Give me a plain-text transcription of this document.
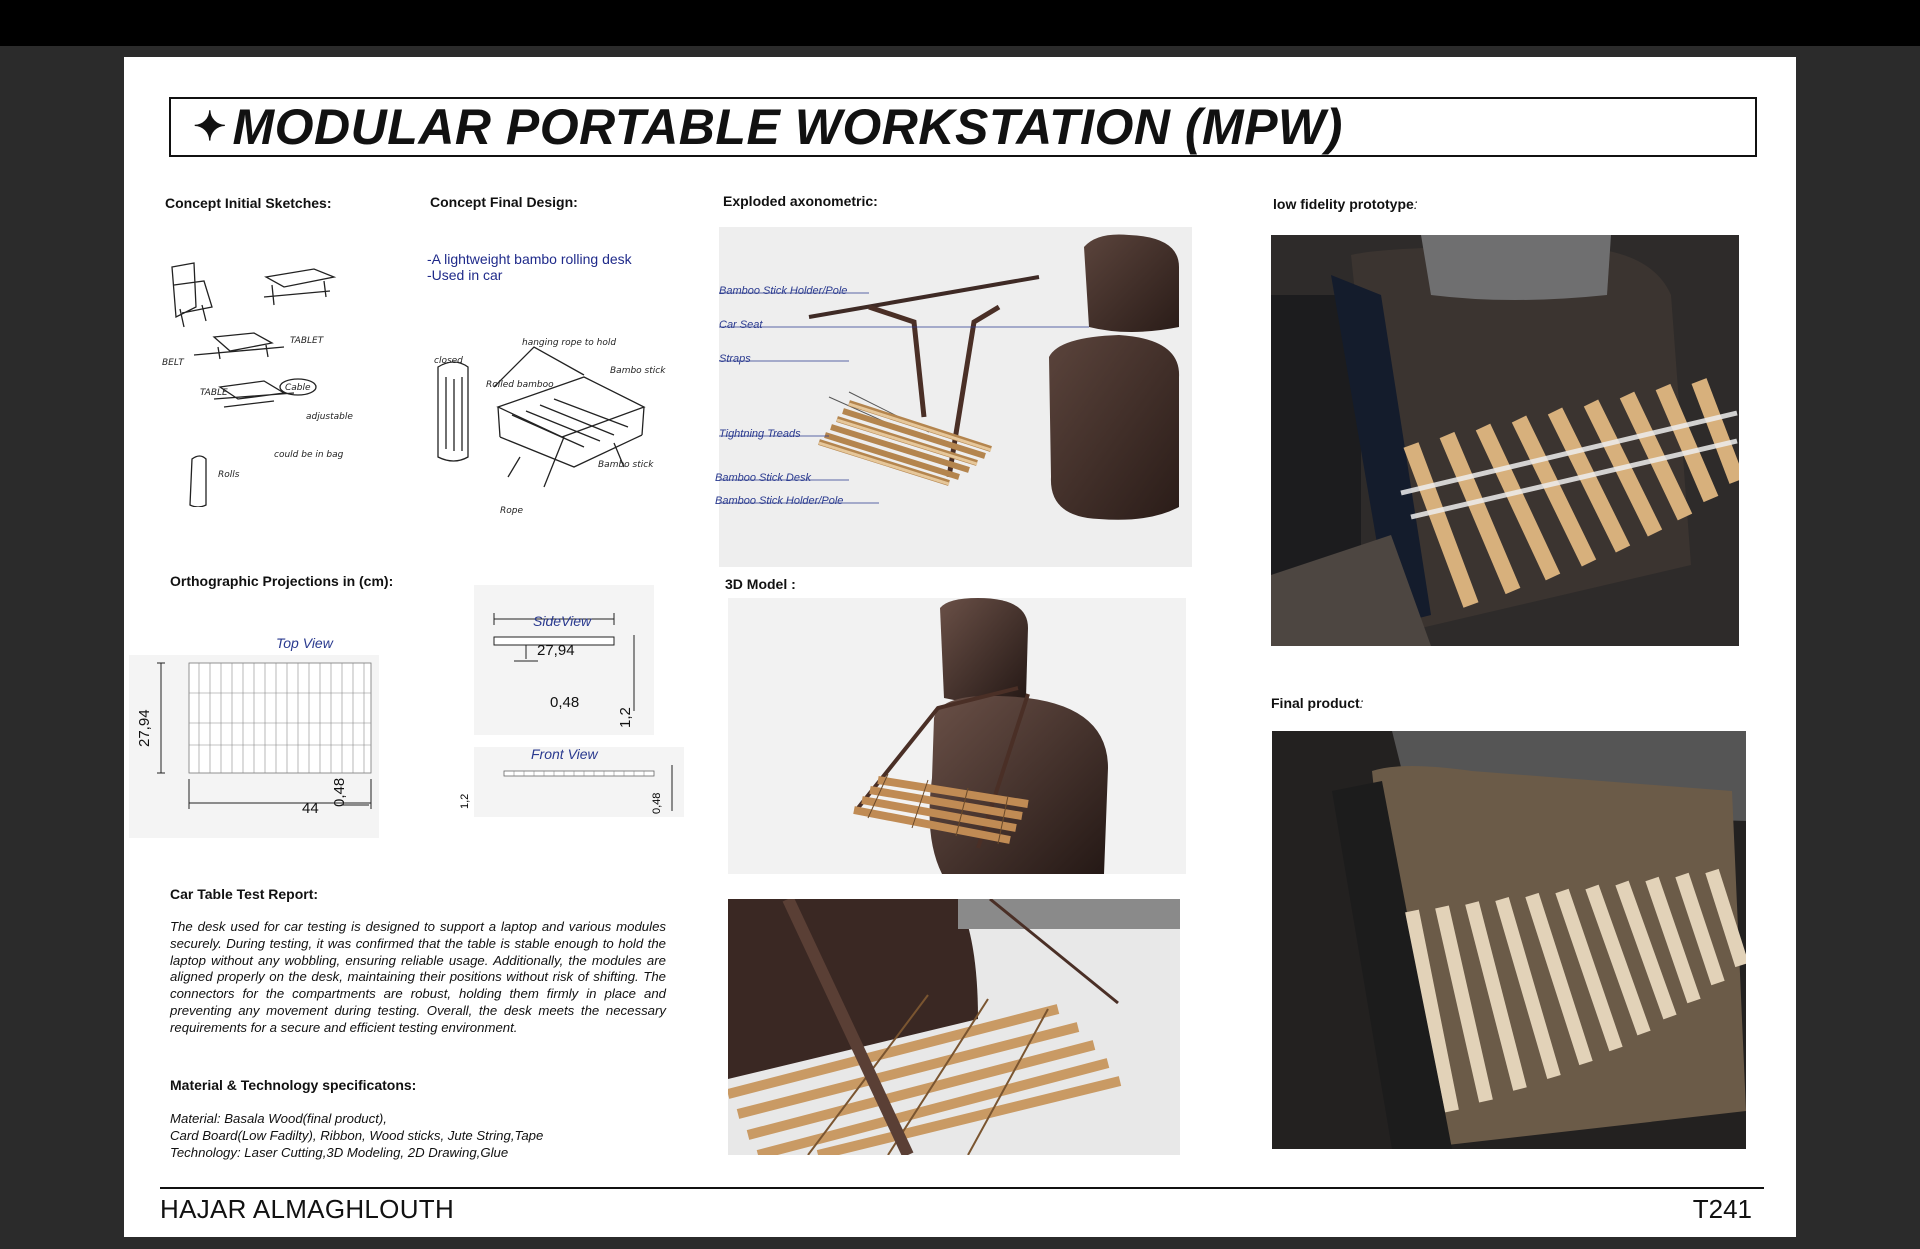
✦ MODULAR PORTABLE WORKSTATION (MPW)
Concept Initial Sketches:	Concept Final Design:	Exploded axonometric:	low fidelity prototype:
Orthographic Projections in (cm):	3D Model :
Final product:
Car Table Test Report:
Material & Technology specificatons:
TABLET
BELT
TABLE	Cable
adjustable
could be in bag
Rolls
-A lightweight bambo rolling desk
-Used in car
closed
Rolled bamboo
hanging rope to hold
Bambo stick
Bambo stick
Rope
Bamboo Stick Holder/Pole
Car Seat
Straps
Tightning Treads
Bamboo Stick Desk
Bamboo Stick Holder/Pole
Top View
27,94
44
0,48
SideView
27,94
0,48
1,2
Front View
1,2	0,48
The desk used for car testing is designed to support a laptop and various modules securely. During testing, it was confirmed that the table is stable enough to hold the laptop without any wobbling, ensuring reliable usage. Additionally, the modules are aligned properly on the desk, maintaining their positions without risk of shifting. The connectors for the compartments are robust, holding them firmly in place and preventing any movement during testing. Overall, the desk meets the necessary requirements for a secure and efficient testing environment.
Material: Basala Wood(final product),
Card Board(Low Fadilty), Ribbon, Wood sticks, Jute String,Tape
Technology: Laser Cutting,3D Modeling, 2D Drawing,Glue
HAJAR ALMAGHLOUTH	T241
